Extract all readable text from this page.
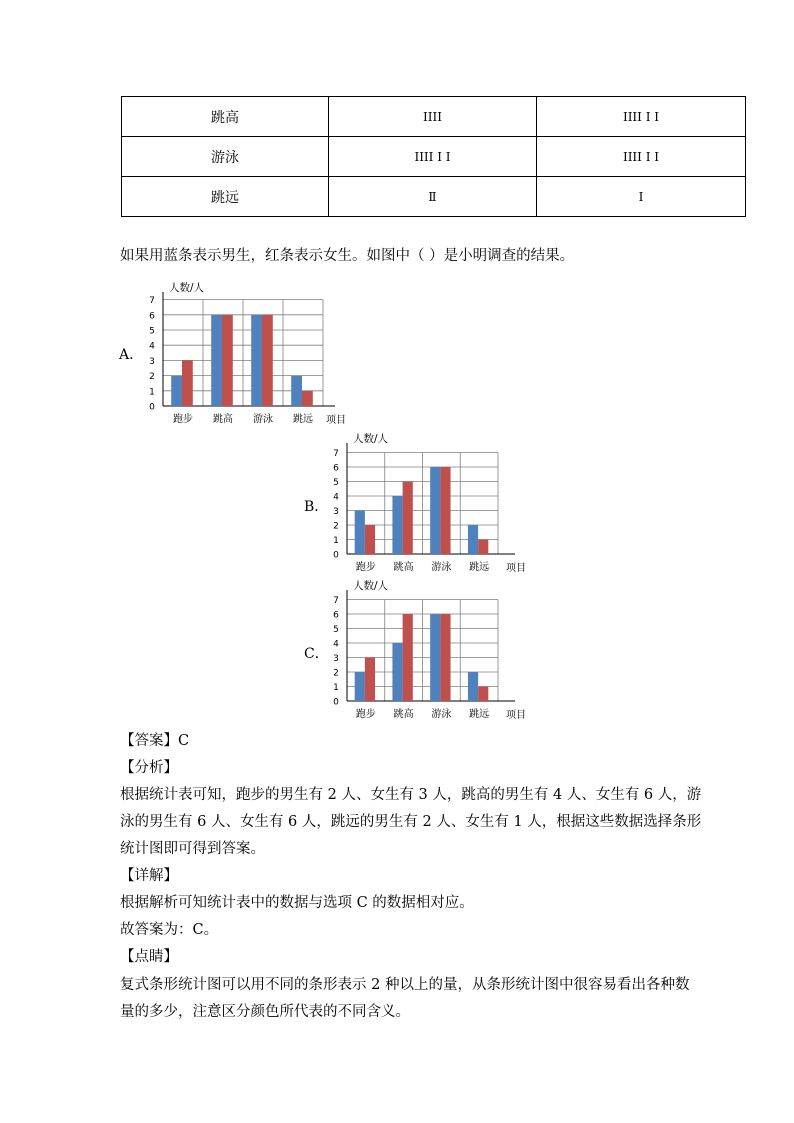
跳高	IIII	IIII I I
游泳	IIII I I	IIII I I
跳远	Ⅱ	I
如果用蓝条表示男生，红条表示女生。如图中（ ）是小明调查的结果。
A．
0
1
2
3
4
5
6
7
人数/人
项目
跑步 跳高 游泳 跳远
B．
0
1
2
3
4
5
6
7
人数/人
项目
跑步 跳高 游泳 跳远
C．
0
1
2
3
4
5
6
7
人数/人
项目
跑步 跳高 游泳 跳远
【答案】C
【分析】
根据统计表可知，跑步的男生有 2 人、女生有 3 人，跳高的男生有 4 人、女生有 6 人，游
泳的男生有 6 人、女生有 6 人，跳远的男生有 2 人、女生有 1 人，根据这些数据选择条形
统计图即可得到答案。
【详解】
根据解析可知统计表中的数据与选项 C 的数据相对应。
故答案为：C。
【点睛】
复式条形统计图可以用不同的条形表示 2 种以上的量，从条形统计图中很容易看出各种数
量的多少，注意区分颜色所代表的不同含义。
